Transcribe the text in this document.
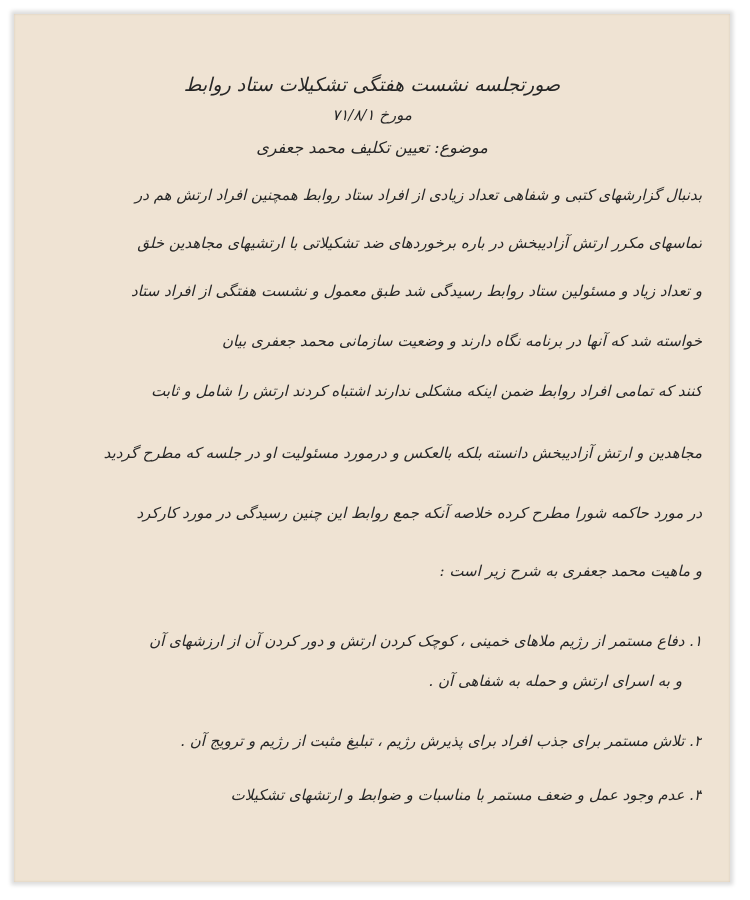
صورتجلسه نشست هفتگی تشکیلات ستاد روابط
مورخ ۷۱/۸/۱
موضوع: تعیین تکلیف محمد جعفری
بدنبال گزارشهای کتبی و شفاهی تعداد زیادی از افراد ستاد روابط همچنین افراد ارتش هم در
تماسهای مکرر ارتش آزادیبخش در باره برخوردهای ضد تشکیلاتی با ارتشیهای مجاهدین خلق
و تعداد زیاد و مسئولین ستاد روابط رسیدگی شد طبق معمول و نشست هفتگی از افراد ستاد
خواسته شد که آنها در برنامه نگاه دارند و وضعیت سازمانی محمد جعفری بیان
کنند که تمامی افراد روابط ضمن اینکه مشکلی ندارند اشتباه کردند ارتش را شامل و ثابت
مجاهدین و ارتش آزادیبخش دانسته بلکه بالعکس و درمورد مسئولیت او در جلسه که مطرح گردید
در مورد حاکمه شورا مطرح کرده خلاصه آنکه جمع روابط این چنین رسیدگی در مورد کارکرد
و ماهیت محمد جعفری به شرح زیر است :
۱. دفاع مستمر از رژیم ملاهای خمینی ، کوچک کردن ارتش و دور کردن آن از ارزشهای آن
و به اسرای ارتش و حمله به شفاهی آن .
۲. تلاش مستمر برای جذب افراد برای پذیرش رژیم ، تبلیغ مثبت از رژیم و ترویج آن .
۳. عدم وجود عمل و ضعف مستمر با مناسبات و ضوابط و ارتشهای تشکیلات
